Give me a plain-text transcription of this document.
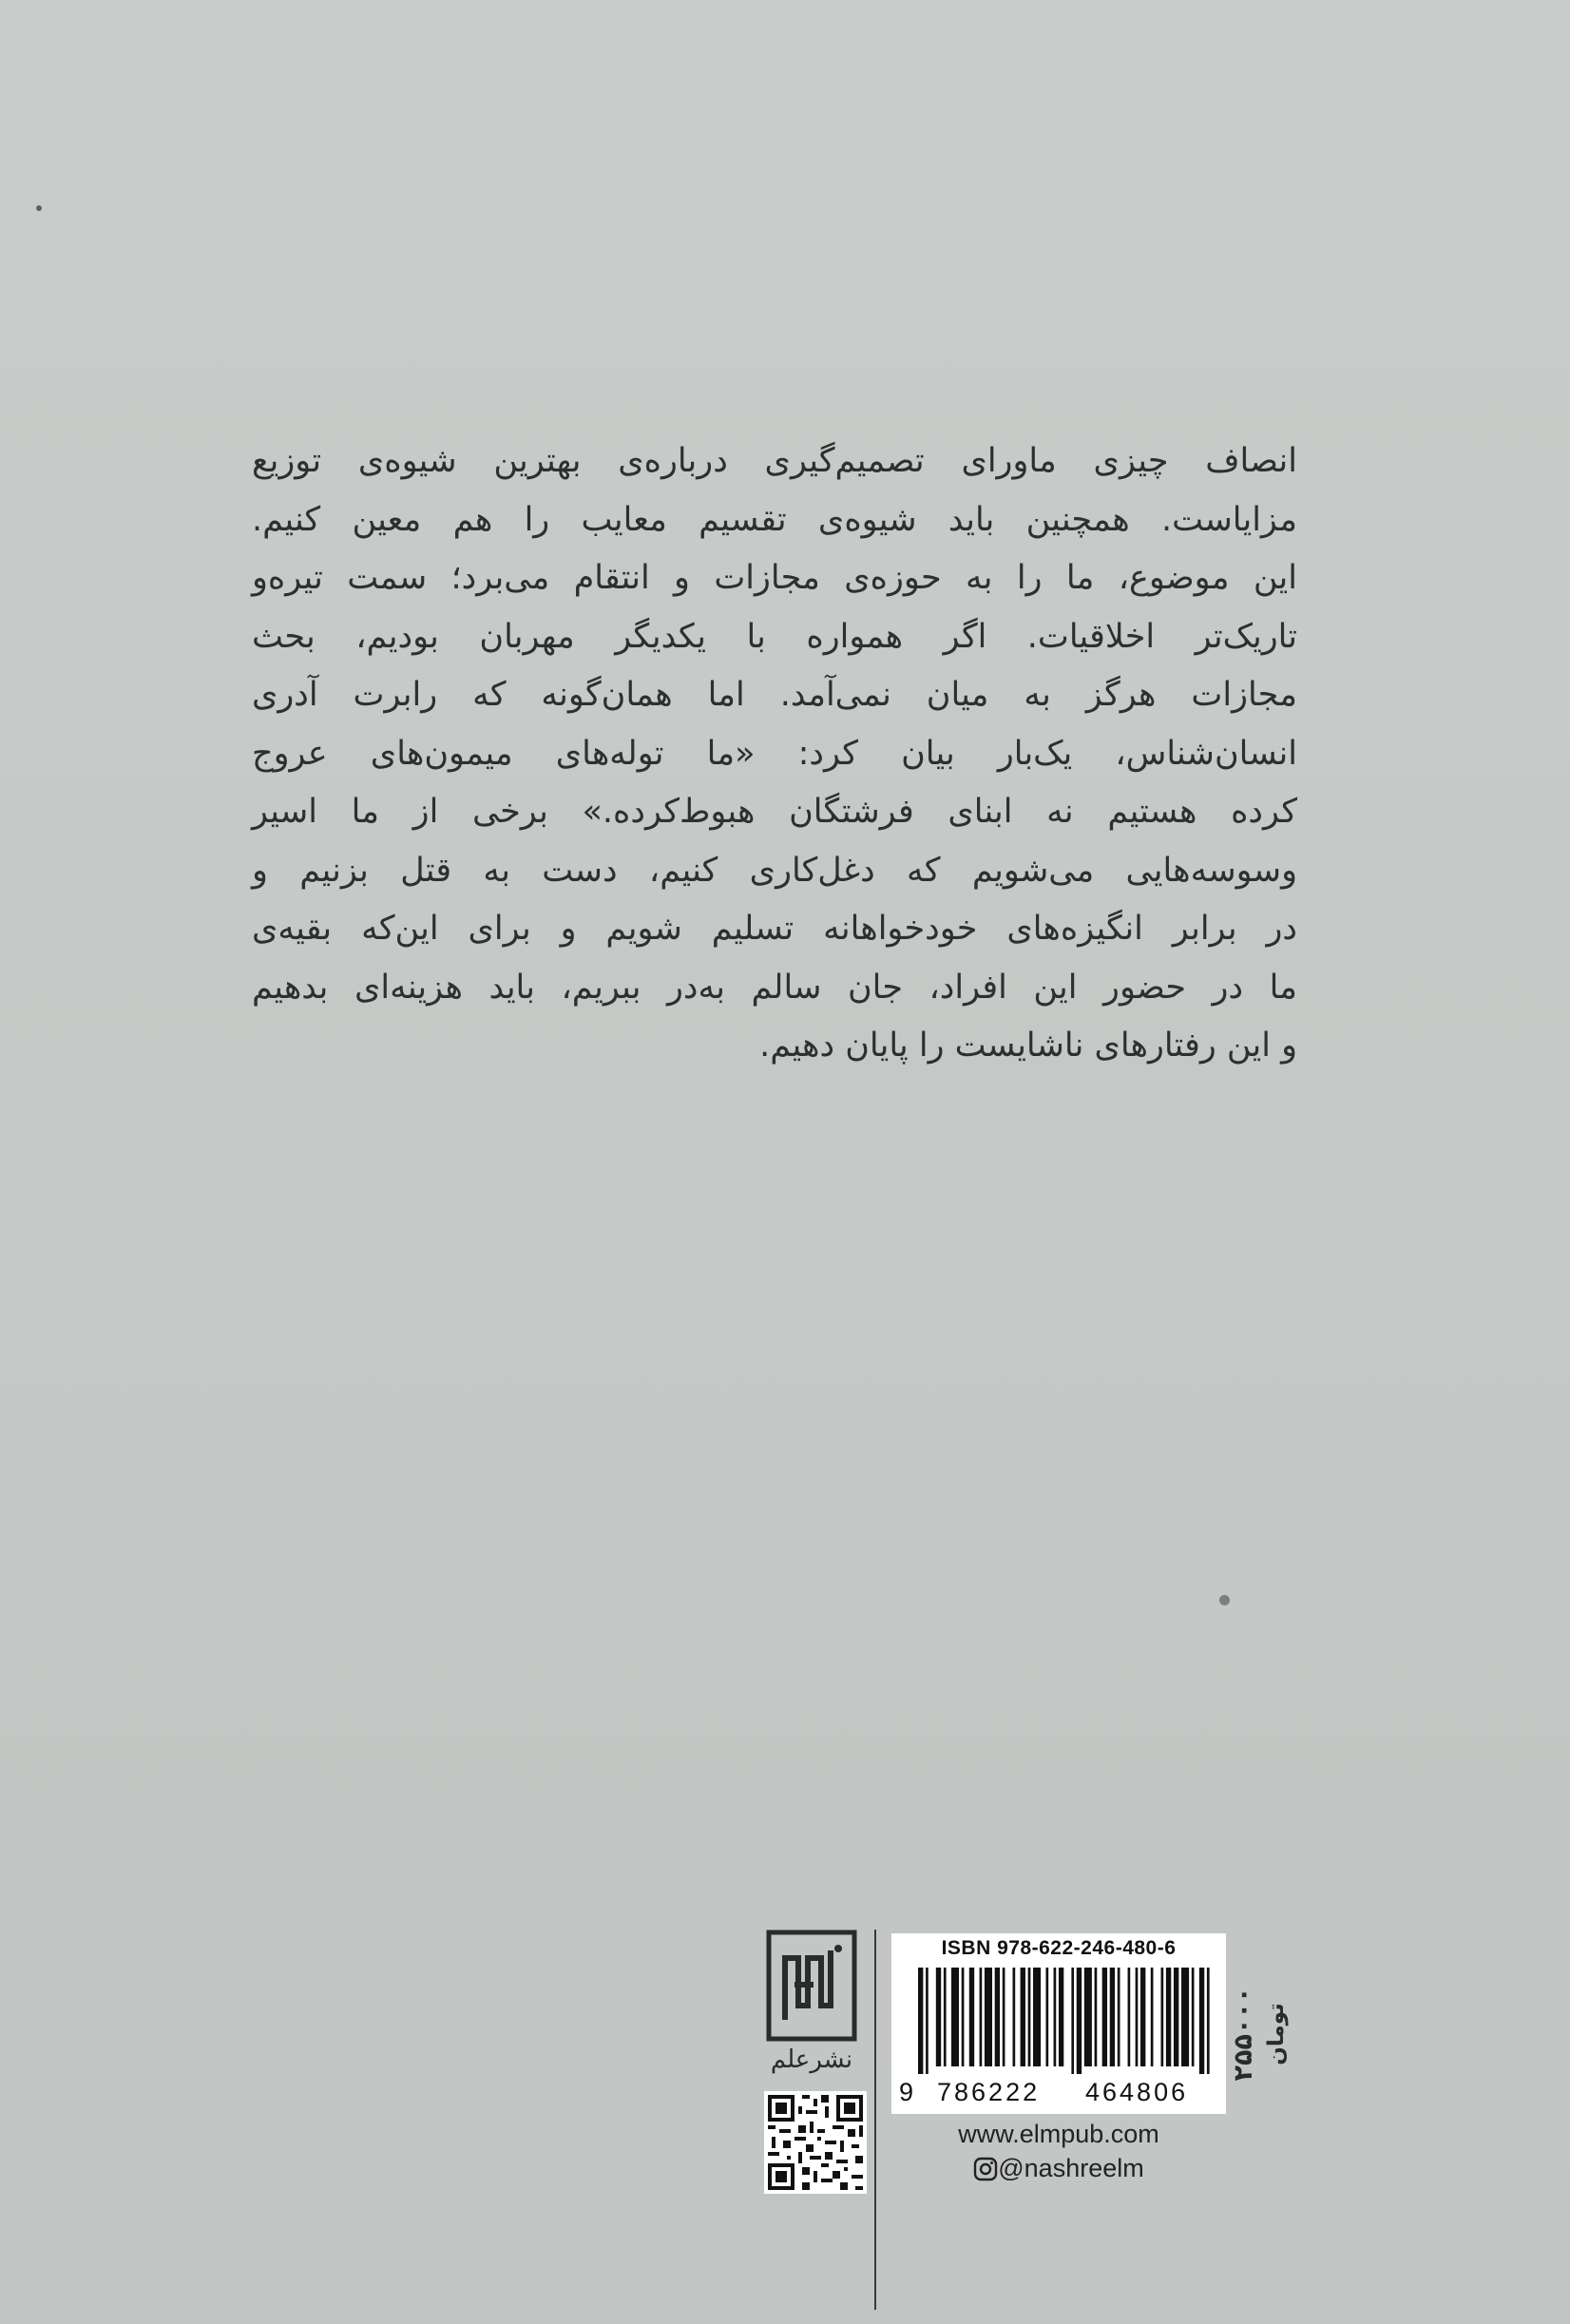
انصاف چیزی ماورای تصمیم‌گیری درباره‌ی بهترین شیوه‌ی توزیع
مزایاست. همچنین باید شیوه‌ی تقسیم معایب را هم معین کنیم.
این موضوع، ما را به حوزه‌ی مجازات و انتقام می‌برد؛ سمت تیره‌و
تاریک‌تر اخلاقیات. اگر همواره با یکدیگر مهربان بودیم، بحث
مجازات هرگز به میان نمی‌آمد. اما همان‌گونه که رابرت آدری
انسان‌شناس، یک‌بار بیان کرد: «ما توله‌های میمون‌های عروج
کرده هستیم نه ابنای فرشتگان هبوط‌کرده.» برخی از ما اسیر
وسوسه‌هایی می‌شویم که دغل‌کاری کنیم، دست به قتل بزنیم و
در برابر انگیزه‌های خودخواهانه تسلیم شویم و برای این‌که بقیه‌ی
ما در حضور این افراد، جان سالم به‌در ببریم، باید هزینه‌ای بدهیم
و این رفتارهای ناشایست را پایان دهیم.
نشرعلم
ISBN 978-622-246-480-6
9 786222 464806
www.elmpub.com
@nashreelm
۲۵۵۰۰۰ تومان
